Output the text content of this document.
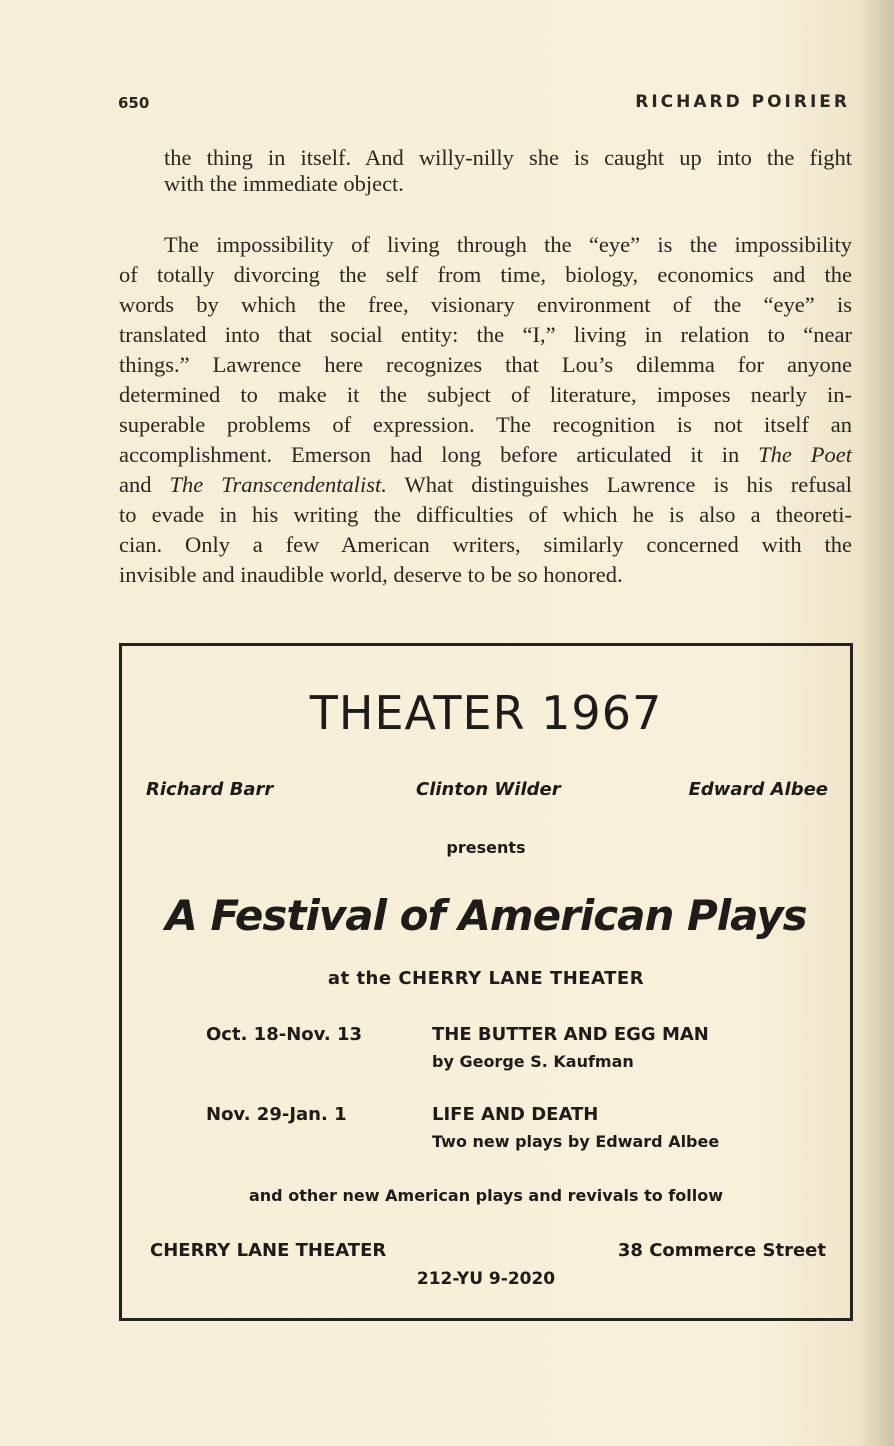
650	RICHARD POIRIER
the thing in itself. And willy-nilly she is caught up into the fight
with the immediate object.
The impossibility of living through the “eye” is the impossibility
of totally divorcing the self from time, biology, economics and the
words by which the free, visionary environment of the “eye” is
translated into that social entity: the “I,” living in relation to “near
things.” Lawrence here recognizes that Lou’s dilemma for anyone
determined to make it the subject of literature, imposes nearly in-
superable problems of expression. The recognition is not itself an
accomplishment. Emerson had long before articulated it in The Poet
and The Transcendentalist. What distinguishes Lawrence is his refusal
to evade in his writing the difficulties of which he is also a theoreti-
cian. Only a few American writers, similarly concerned with the
invisible and inaudible world, deserve to be so honored.
THEATER 1967
Richard Barr	Clinton Wilder	Edward Albee
presents
A Festival of American Plays
at the CHERRY LANE THEATER
Oct. 18-Nov. 13	THE BUTTER AND EGG MAN
by George S. Kaufman
Nov. 29-Jan. 1	LIFE AND DEATH
Two new plays by Edward Albee
and other new American plays and revivals to follow
CHERRY LANE THEATER	38 Commerce Street
212-YU 9-2020
